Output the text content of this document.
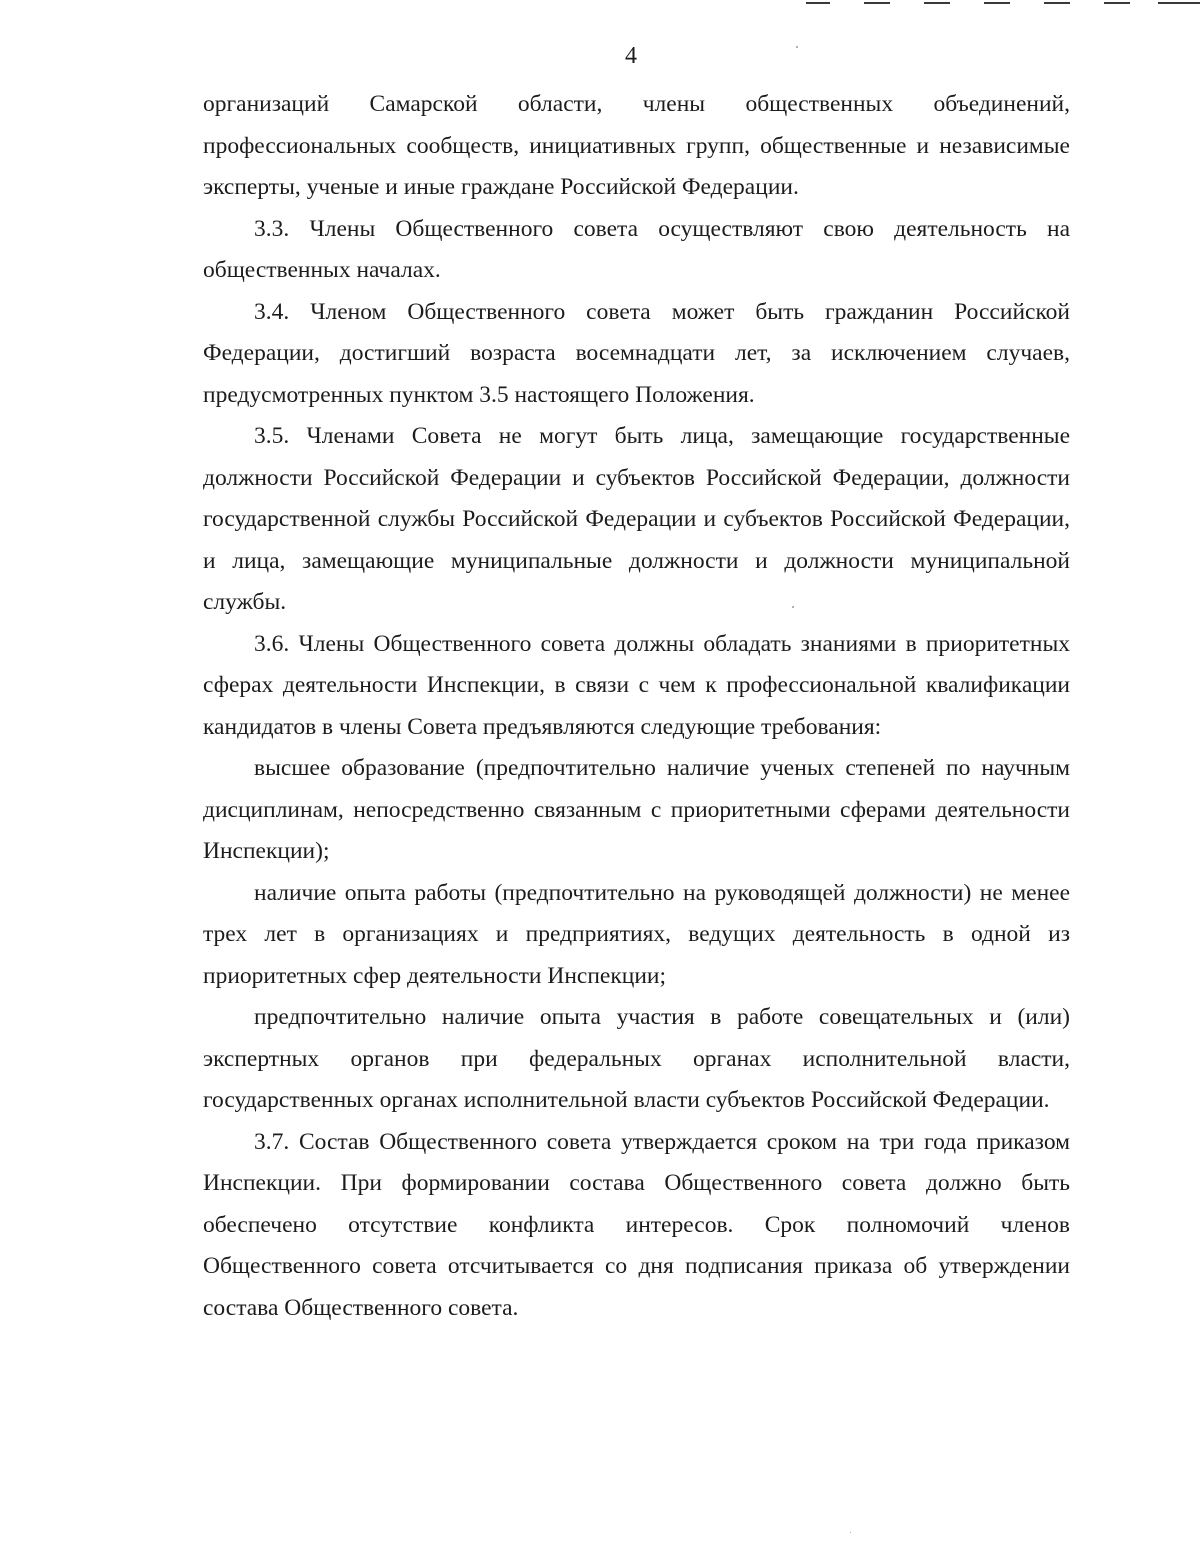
4

организаций Самарской области, члены общественных объединений, профессиональных сообществ, инициативных групп, общественные и независимые эксперты, ученые и иные граждане Российской Федерации.

3.3. Члены Общественного совета осуществляют свою деятельность на общественных началах.

3.4. Членом Общественного совета может быть гражданин Российской Федерации, достигший возраста восемнадцати лет, за исключением случаев, предусмотренных пунктом 3.5 настоящего Положения.

3.5. Членами Совета не могут быть лица, замещающие государственные должности Российской Федерации и субъектов Российской Федерации, должности государственной службы Российской Федерации и субъектов Российской Федерации, и лица, замещающие муниципальные должности и должности муниципальной службы.

3.6. Члены Общественного совета должны обладать знаниями в приоритетных сферах деятельности Инспекции, в связи с чем к профессиональной квалификации кандидатов в члены Совета предъявляются следующие требования:

высшее образование (предпочтительно наличие ученых степеней по научным дисциплинам, непосредственно связанным с приоритетными сферами деятельности Инспекции);

наличие опыта работы (предпочтительно на руководящей должности) не менее трех лет в организациях и предприятиях, ведущих деятельность в одной из приоритетных сфер деятельности Инспекции;

предпочтительно наличие опыта участия в работе совещательных и (или) экспертных органов при федеральных органах исполнительной власти, государственных органах исполнительной власти субъектов Российской Федерации.

3.7. Состав Общественного совета утверждается сроком на три года приказом Инспекции. При формировании состава Общественного совета должно быть обеспечено отсутствие конфликта интересов. Срок полномочий членов Общественного совета отсчитывается со дня подписания приказа об утверждении состава Общественного совета.
